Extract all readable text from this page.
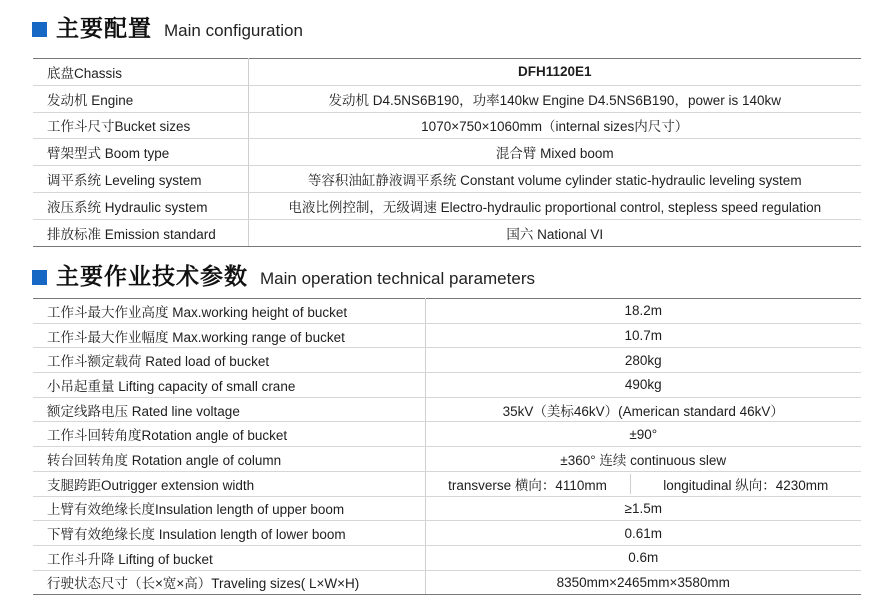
主要配置 Main configuration
底盘Chassis	DFH1120E1
发动机 Engine	发动机 D4.5NS6B190，功率140kw Engine D4.5NS6B190，power is 140kw
工作斗尺寸Bucket sizes	1070×750×1060mm（internal sizes内尺寸）
臂架型式 Boom type	混合臂 Mixed boom
调平系统 Leveling system	等容积油缸静液调平系统 Constant volume cylinder static-hydraulic leveling system
液压系统 Hydraulic system	电液比例控制，无级调速 Electro-hydraulic proportional control, stepless speed regulation
排放标准 Emission standard	国六 National VI
主要作业技术参数 Main operation technical parameters
工作斗最大作业高度 Max.working height of bucket	18.2m
工作斗最大作业幅度 Max.working range of bucket	10.7m
工作斗额定载荷 Rated load of bucket	280kg
小吊起重量 Lifting capacity of small crane	490kg
额定线路电压 Rated line voltage	35kV（美标46kV）(American standard 46kV）
工作斗回转角度Rotation angle of bucket	±90°
转台回转角度 Rotation angle of column	±360° 连续 continuous slew
支腿跨距Outrigger extension width	transverse 横向：4110mm longitudinal 纵向：4230mm

上臂有效绝缘长度Insulation length of upper boom	≥1.5m
下臂有效绝缘长度 Insulation length of lower boom	0.61m
工作斗升降 Lifting of bucket	0.6m
行驶状态尺寸（长×宽×高）Traveling sizes( L×W×H)	8350mm×2465mm×3580mm
